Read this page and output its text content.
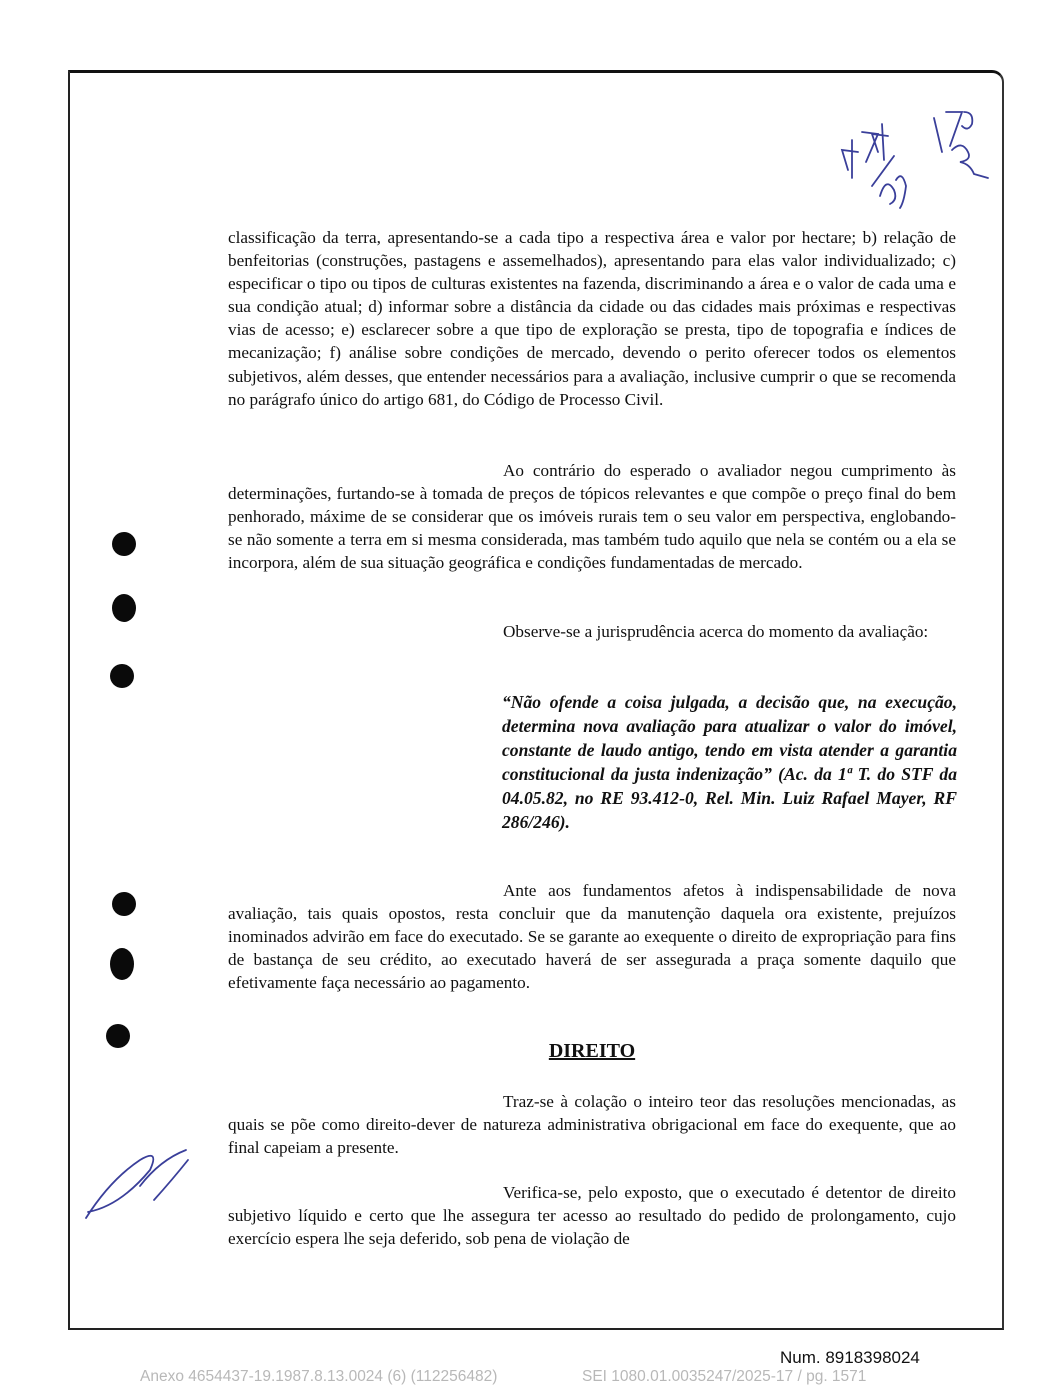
classificação da terra, apresentando-se a cada tipo a respectiva área e valor por hectare; b) relação de benfeitorias (construções, pastagens e assemelhados), apresentando para elas valor individualizado; c) especificar o tipo ou tipos de culturas existentes na fazenda, discriminando a área e o valor de cada uma e sua condição atual; d) informar sobre a distância da cidade ou das cidades mais próximas e respectivas vias de acesso; e) esclarecer sobre a que tipo de exploração se presta, tipo de topografia e índices de mecanização; f) análise sobre condições de mercado, devendo o perito oferecer todos os elementos subjetivos, além desses, que entender necessários para a avaliação, inclusive cumprir o que se recomenda no parágrafo único do artigo 681, do Código de Processo Civil.

Ao contrário do esperado o avaliador negou cumprimento às determinações, furtando-se à tomada de preços de tópicos relevantes e que compõe o preço final do bem penhorado, máxime de se considerar que os imóveis rurais tem o seu valor em perspectiva, englobando-se não somente a terra em si mesma considerada, mas também tudo aquilo que nela se contém ou a ela se incorpora, além de sua situação geográfica e condições fundamentadas de mercado.

Observe-se a jurisprudência acerca do momento da avaliação:

“Não ofende a coisa julgada, a decisão que, na execução, determina nova avaliação para atualizar o valor do imóvel, constante de laudo antigo, tendo em vista atender a garantia constitucional da justa indenização” (Ac. da 1ª T. do STF da 04.05.82, no RE 93.412-0, Rel. Min. Luiz Rafael Mayer, RF 286/246).

Ante aos fundamentos afetos à indispensabilidade de nova avaliação, tais quais opostos, resta concluir que da manutenção daquela ora existente, prejuízos inominados advirão em face do executado. Se se garante ao exequente o direito de expropriação para fins de bastança de seu crédito, ao executado haverá de ser assegurada a praça somente daquilo que efetivamente faça necessário ao pagamento.

DIREITO

Traz-se à colação o inteiro teor das resoluções mencionadas, as quais se põe como direito-dever de natureza administrativa obrigacional em face do exequente, que ao final capeiam a presente.

Verifica-se, pelo exposto, que o executado é detentor de direito subjetivo líquido e certo que lhe assegura ter acesso ao resultado do pedido de prolongamento, cujo exercício espera lhe seja deferido, sob pena de violação de

Num. 8918398024
Anexo 4654437-19.1987.8.13.0024 (6) (112256482)	SEI 1080.01.0035247/2025-17 / pg. 1571
